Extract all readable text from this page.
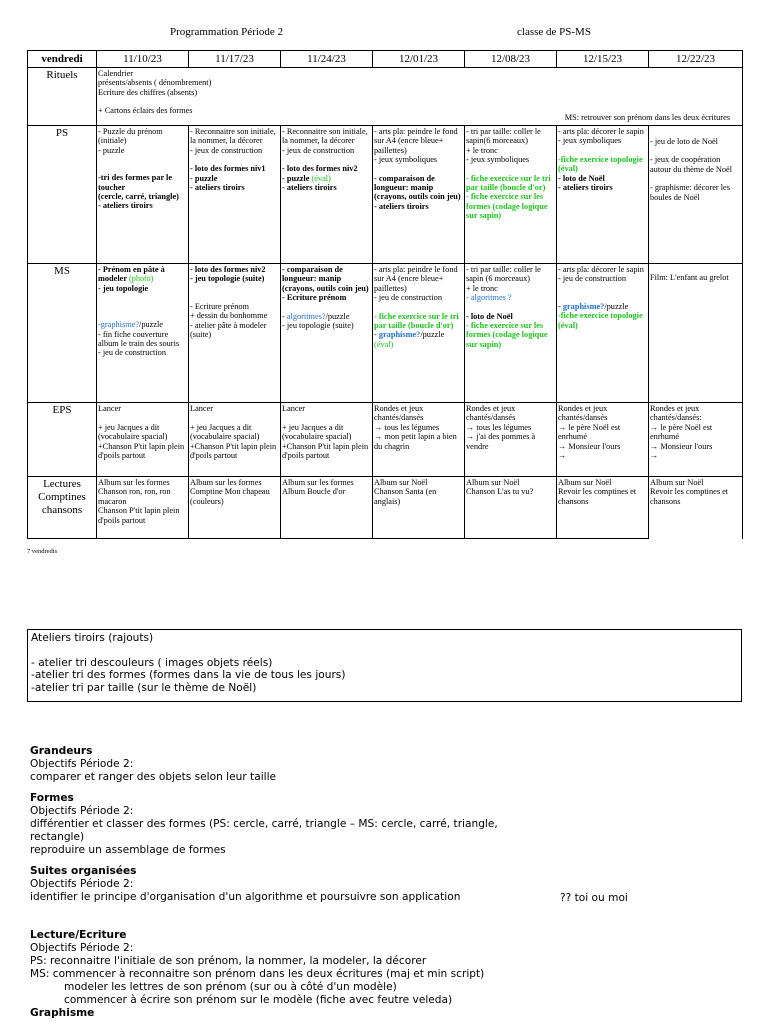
Programmation Période 2	classe de PS-MS
vendredi	11/10/23	11/17/23	11/24/23	12/01/23	12/08/23	12/15/23	12/22/23
Rituels	Calendrier
présents/absents ( dénombrement)
Ecriture des chiffres (absents)
+ Cartons éclairs des formes
MS: retrouver son prénom dans les deux écritures						

PS	- Puzzle du prénom (initiale)
- puzzle
-tri des formes par le toucher
(cercle, carré, triangle)
- ateliers tiroirs	- Reconnaitre son initiale, la nommer, la décorer
- jeux de construction
- loto des formes niv1
- puzzle
- ateliers tiroirs	- Reconnaitre son initiale, la nommer, la décorer
- jeux de construction
- loto des formes niv2
- puzzle (éval)
- ateliers tiroirs	- arts pla: peindre le fond sur A4 (encre bleue+ paillettes)
- jeux symboliques
- comparaison de longueur: manip (crayons, outils coin jeu)
- ateliers tiroirs	- tri par taille: coller le sapin(6 morceaux)
+ le tronc
- jeux symboliques
- fiche exercice sur le tri par taille (boucle d'or)
- fiche exercice sur les formes (codage logique sur sapin)	- arts pla: décorer le sapin
- jeux symboliques
-fiche exercice topologie (éval)
- loto de Noël
- ateliers tiroirs	- jeu de loto de Noël
- jeux de coopération autour du thème de Noël
- graphisme: décorer les boules de Noël

MS	- Prénom en pâte à modeler (photo)
- jeu topologie
-graphisme?/puzzle
- fin fiche couverture album le train des souris
- jeu de construction	- loto des formes niv2
- jeu topologie (suite)
- Ecriture prénom
+ dessin du bonhomme
- atelier pâte à modeler (suite)	- comparaison de longueur: manip (crayons, outils coin jeu)
- Ecriture prénom
- algoritmes?/puzzle
- jeu topologie (suite)	- arts pla: peindre le fond sur A4 (encre bleue+ paillettes)
- jeu de construction
- fiche exercice sur le tri par taille (boucle d'or)
- graphisme?/puzzle
(éval)	- tri par taille: coller le sapin (6 morceaux)
+ le tronc
- algoritmes ?
- loto de Noël
- fiche exercice sur les formes (codage logique sur sapin)	- arts pla: décorer le sapin
- jeu de construction
- graphisme?/puzzle
-fiche exercice topologie (éval)	Film: L'enfant au grelot

EPS	Lancer

+ jeu Jacques a dit (vocabulaire spacial)
+Chanson P'tit lapin plein d'poils partout	Lancer

+ jeu Jacques a dit (vocabulaire spacial)
+Chanson P'tit lapin plein d'poils partout	Lancer

+ jeu Jacques a dit (vocabulaire spacial)
+Chanson P'tit lapin plein d'poils partout	Rondes et jeux chantés/dansés
→ tous les légumes
→ mon petit lapin a bien du chagrin	Rondes et jeux chantés/dansés
→ tous les légumes
→ j'ai des pommes à vendre	Rondes et jeux chantés/dansés
→ le père Noël est enrhumé
→ Monsieur l'ours
→	Rondes et jeux chantés/dansés:
→ le père Noël est enrhumé
→ Monsieur l'ours
→

Lectures Comptines chansons	Album sur les formes
Chanson ron, ron, ron macaron
Chanson P'tit lapin plein d'poils partout	Album sur les formes
Comptine Mon chapeau (couleurs)	Album sur les formes
Album Boucle d'or	Album sur Noël
Chanson Santa (en anglais)	Album sur Noël
Chanson L'as tu vu?	Album sur Noël
Revoir les comptines et chansons	Album sur Noël
Revoir les comptines et chansons
7 vendredis
Ateliers tiroirs (rajouts)
- atelier tri descouleurs ( images objets réels)
-atelier tri des formes (formes dans la vie de tous les jours)
-atelier tri par taille (sur le thème de Noël)
Grandeurs
Objectifs Période 2:
comparer et ranger des objets selon leur taille
Formes
Objectifs Période 2:
différentier et classer des formes (PS: cercle, carré, triangle – MS: cercle, carré, triangle,
rectangle)
reproduire un assemblage de formes
Suites organisées
Objectifs Période 2:
identifier le principe d'organisation d'un algorithme et poursuivre son application	?? toi ou moi
Lecture/Ecriture
Objectifs Période 2:
PS: reconnaitre l'initiale de son prénom, la nommer, la modeler, la décorer
MS: commencer à reconnaitre son prénom dans les deux écritures (maj et min script)
modeler les lettres de son prénom (sur ou à côté d'un modèle)
commencer à écrire son prénom sur le modèle (fiche avec feutre veleda)
Graphisme
